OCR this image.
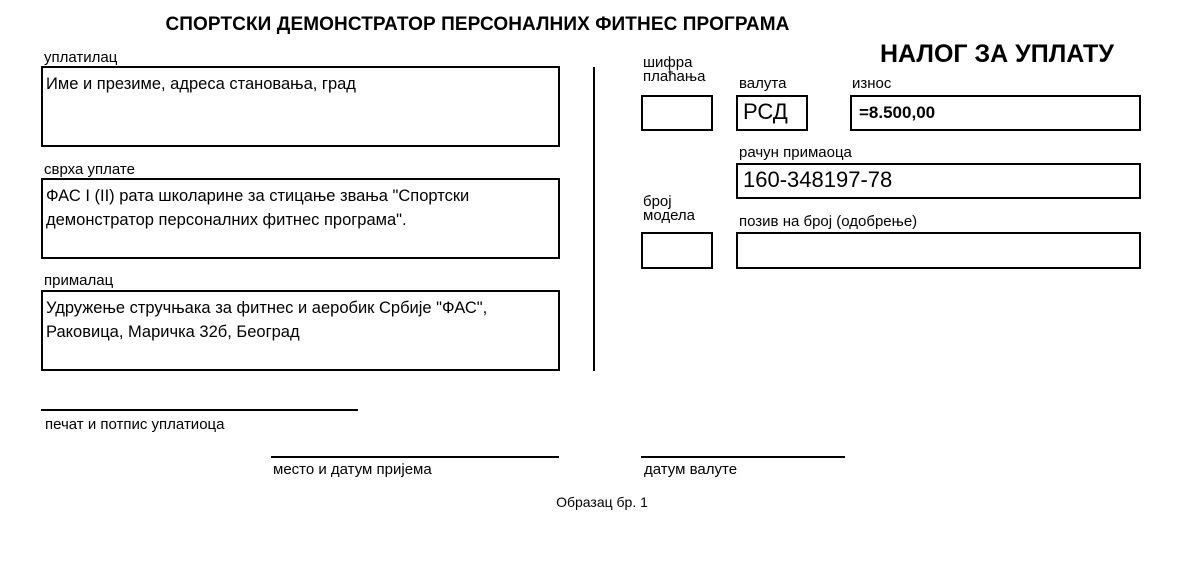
СПОРТСКИ ДЕМОНСТРАТОР ПЕРСОНАЛНИХ ФИТНЕС ПРОГРАМА
НАЛОГ ЗА УПЛАТУ
уплатилац
Име и презиме, адреса становања, град
сврха уплате
ФАС I (II) рата школарине за стицање звања "Спортски
демонстратор персоналних фитнес програма".
прималац
Удружење стручњака за фитнес и аеробик Србије "ФАС",
Раковица, Маричка 32б, Београд
шифра
плаћања валута
РСД
износ
=8.500,00
рачун примаоца
160-348197-78
број
модела	позив на број (одобрење)
печат и потпис уплатиоца
место и датум пријема	датум валуте
Образац бр. 1
